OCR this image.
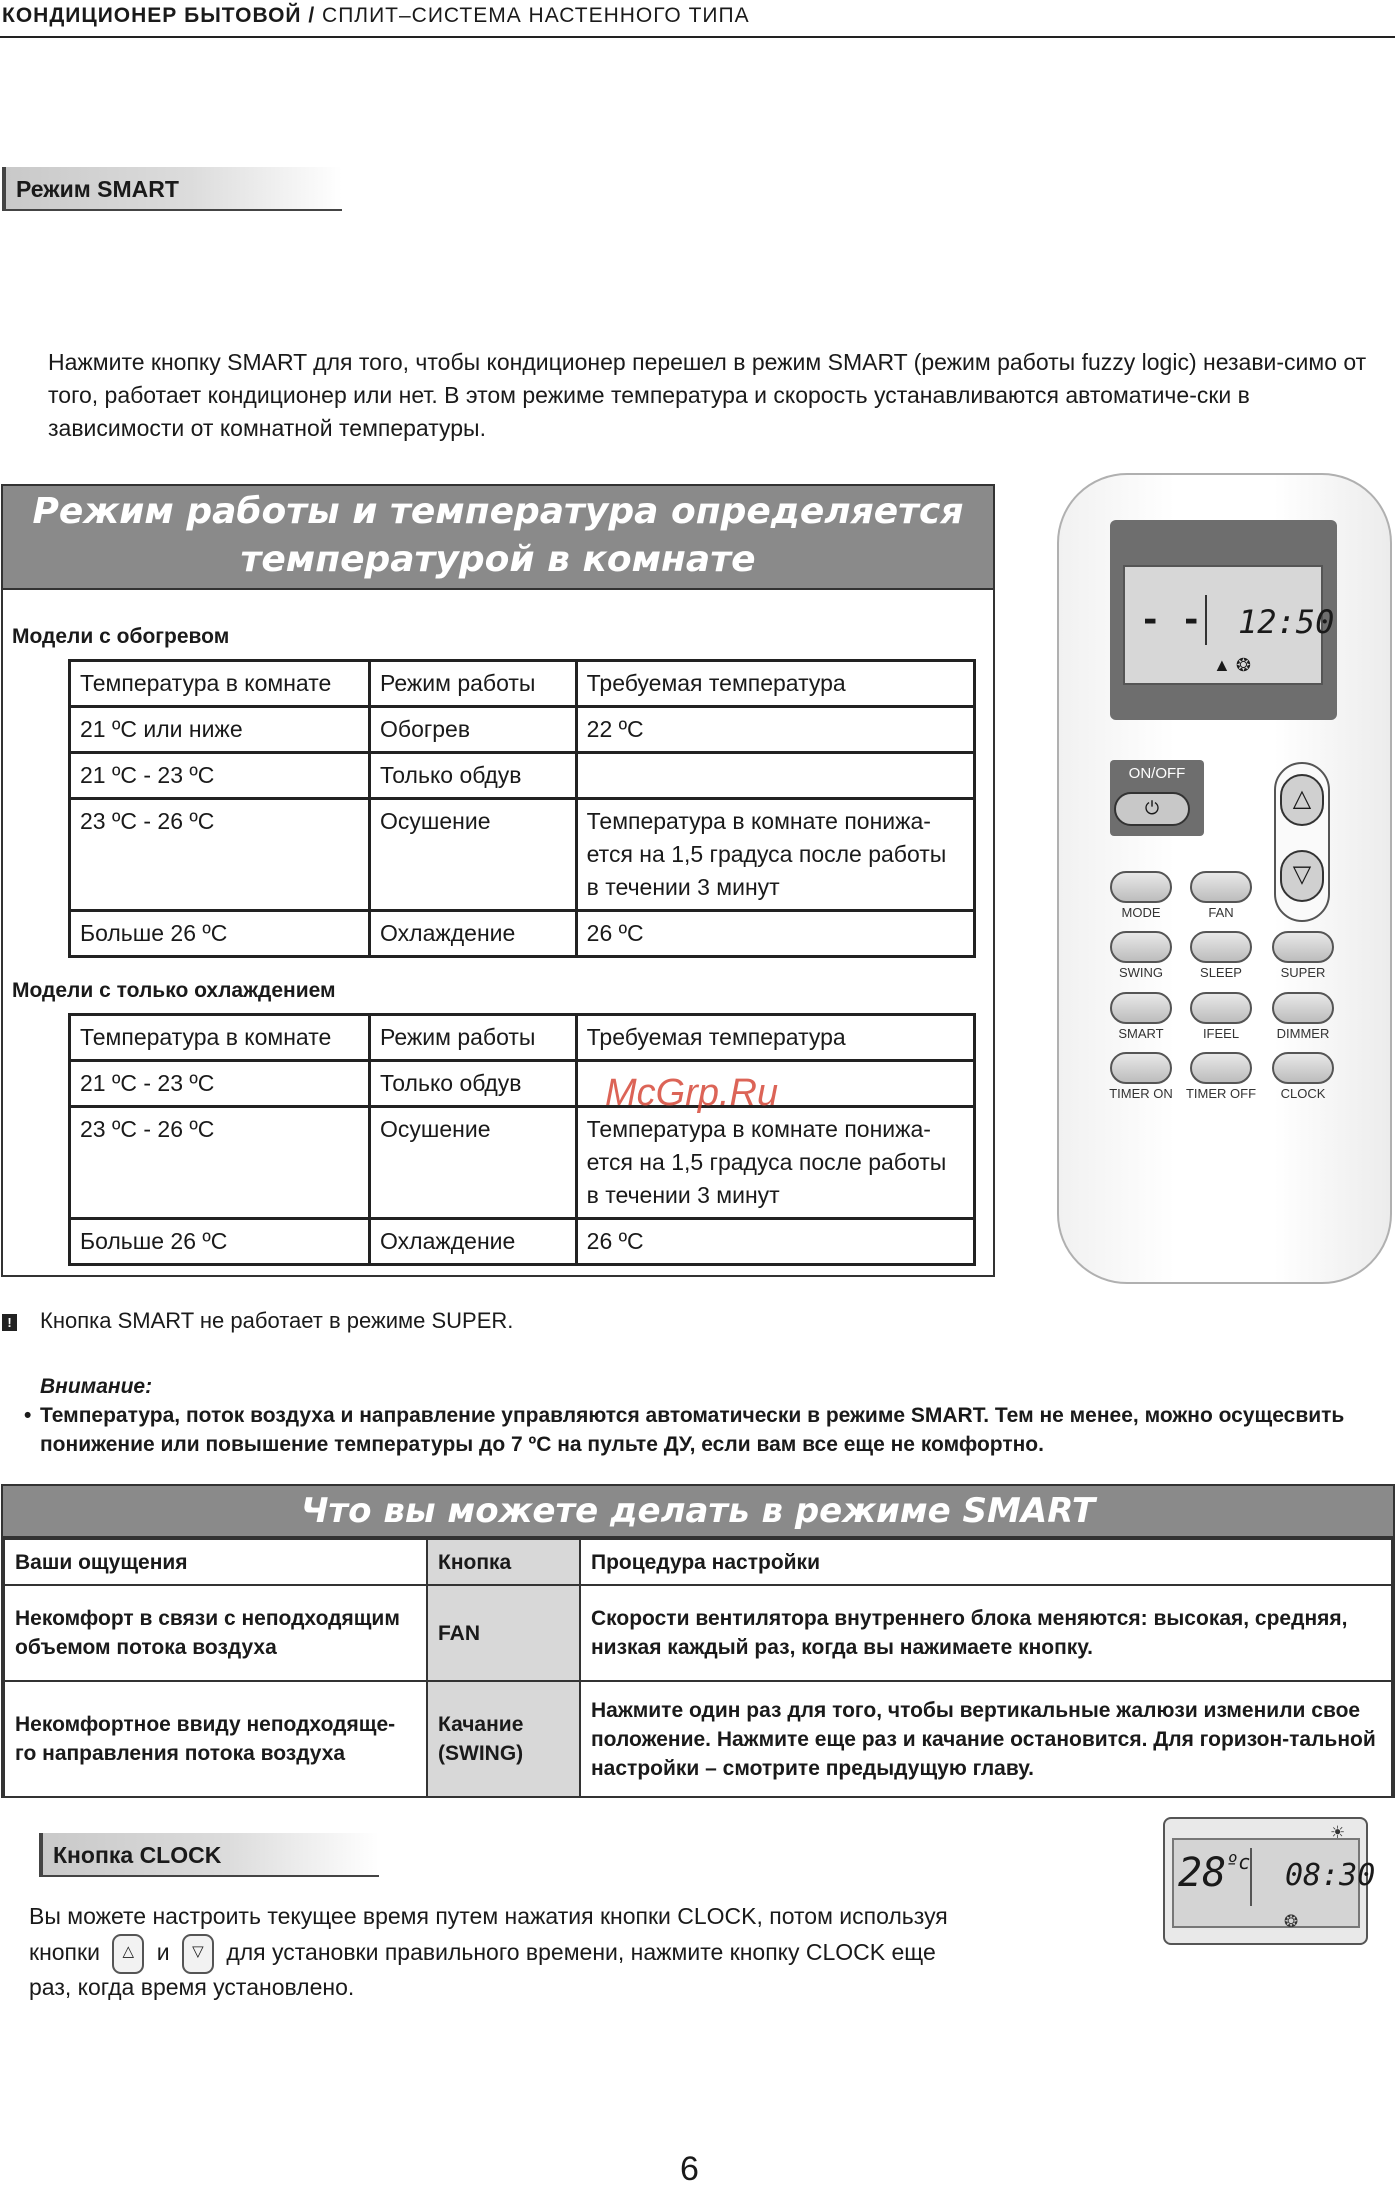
КОНДИЦИОНЕР БЫТОВОЙ / СПЛИТ–СИСТЕМА НАСТЕННОГО ТИПА
Режим SMART
Нажмите кнопку SMART для того, чтобы кондиционер перешел в режим SMART (режим работы fuzzy logic) незави-симо от того, работает кондиционер или нет. В этом режиме температура и скорость устанавливаются автоматиче-ски в зависимости от комнатной температуры.
Режим работы и температура определяется
температурой в комнате
Модели с обогревом
Температура в комнате	Режим работы	Требуемая температура
21 ºC или ниже	Обогрев	22 ºC
21 ºC - 23 ºC	Только обдув	
23 ºC - 26 ºC	Осушение	Температура в комнате понижа-ется на 1,5 градуса после работы в течении 3 минут
Больше 26 ºC	Охлаждение	26 ºC
Модели с только охлаждением
Температура в комнате	Режим работы	Требуемая температура
21 ºC - 23 ºC	Только обдув	
23 ºC - 26 ºC	Осушение	Температура в комнате понижа-ется на 1,5 градуса после работы в течении 3 минут
Больше 26 ºC	Охлаждение	26 ºC
- - 12:50
▲ ❂
ON/OFF
⏻	△
▽
MODE	FAN
SWING	SLEEP	SUPER
SMART	IFEEL	DIMMER
TIMER ON	TIMER OFF	CLOCK
McGrp.Ru
! Кнопка SMART не работает в режиме SUPER.
Внимание:
• Температура, поток воздуха и направление управляются автоматически в режиме SMART. Тем не менее, можно осущесвить понижение или повышение температуры до 7 ºC на пульте ДУ, если вам все еще не комфортно.
Что вы можете делать в режиме SMART
Ваши ощущения	Кнопка	Процедура настройки
Некомфорт в связи с неподходящим объемом потока воздуха	FAN	Скорости вентилятора внутреннего блока меняются: высокая, средняя, низкая каждый раз, когда вы нажимаете кнопку.
Некомфортное ввиду неподходяще-го направления потока воздуха	Качание (SWING)	Нажмите один раз для того, чтобы вертикальные жалюзи изменили свое положение. Нажмите еще раз и качание остановится. Для горизон-тальной настройки – смотрите предыдущую главу.
Кнопка CLOCK
Вы можете настроить текущее время путем нажатия кнопки CLOCK, потом используя
кнопки △ и ▽ для установки правильного времени, нажмите кнопку CLOCK еще
раз, когда время установлено.
☀
$28^{ºc}$ 08:30
❂
6
